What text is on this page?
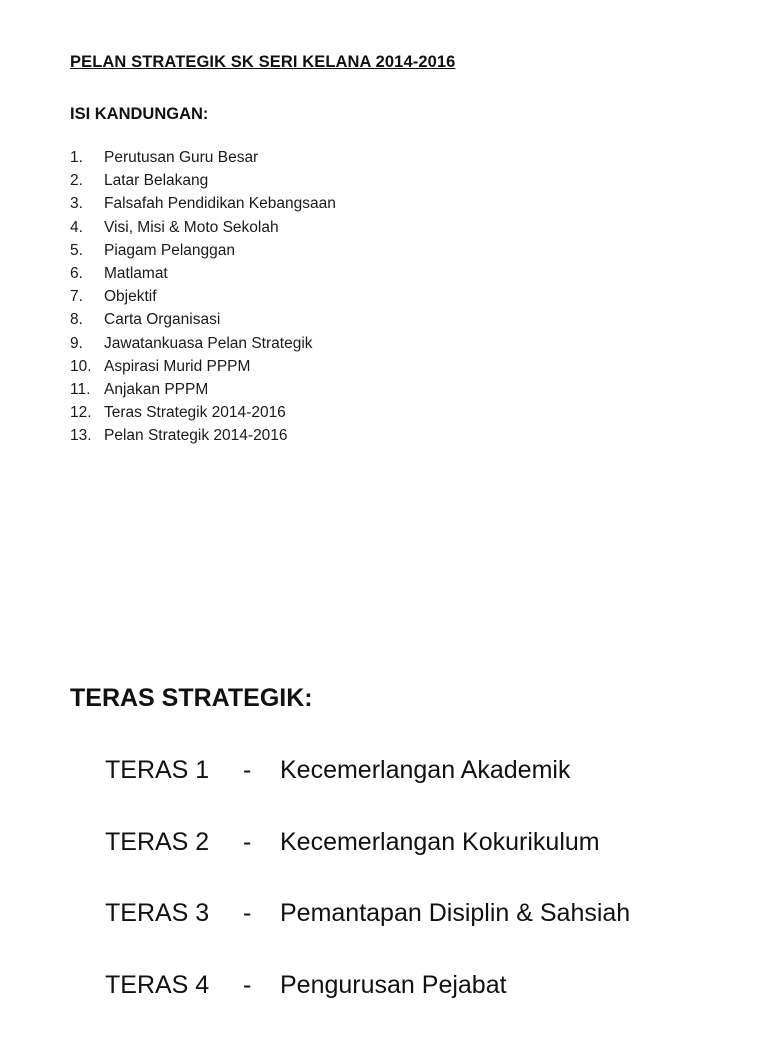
PELAN STRATEGIK SK SERI KELANA 2014-2016
ISI KANDUNGAN:
1. Perutusan Guru Besar
2. Latar Belakang
3. Falsafah Pendidikan Kebangsaan
4. Visi, Misi & Moto Sekolah
5. Piagam Pelanggan
6. Matlamat
7. Objektif
8. Carta Organisasi
9. Jawatankuasa Pelan Strategik
10. Aspirasi Murid PPPM
11. Anjakan PPPM
12. Teras Strategik 2014-2016
13. Pelan Strategik 2014-2016
TERAS STRATEGIK:
TERAS 1 - Kecemerlangan Akademik
TERAS 2 - Kecemerlangan Kokurikulum
TERAS 3 - Pemantapan Disiplin & Sahsiah
TERAS 4 - Pengurusan Pejabat
